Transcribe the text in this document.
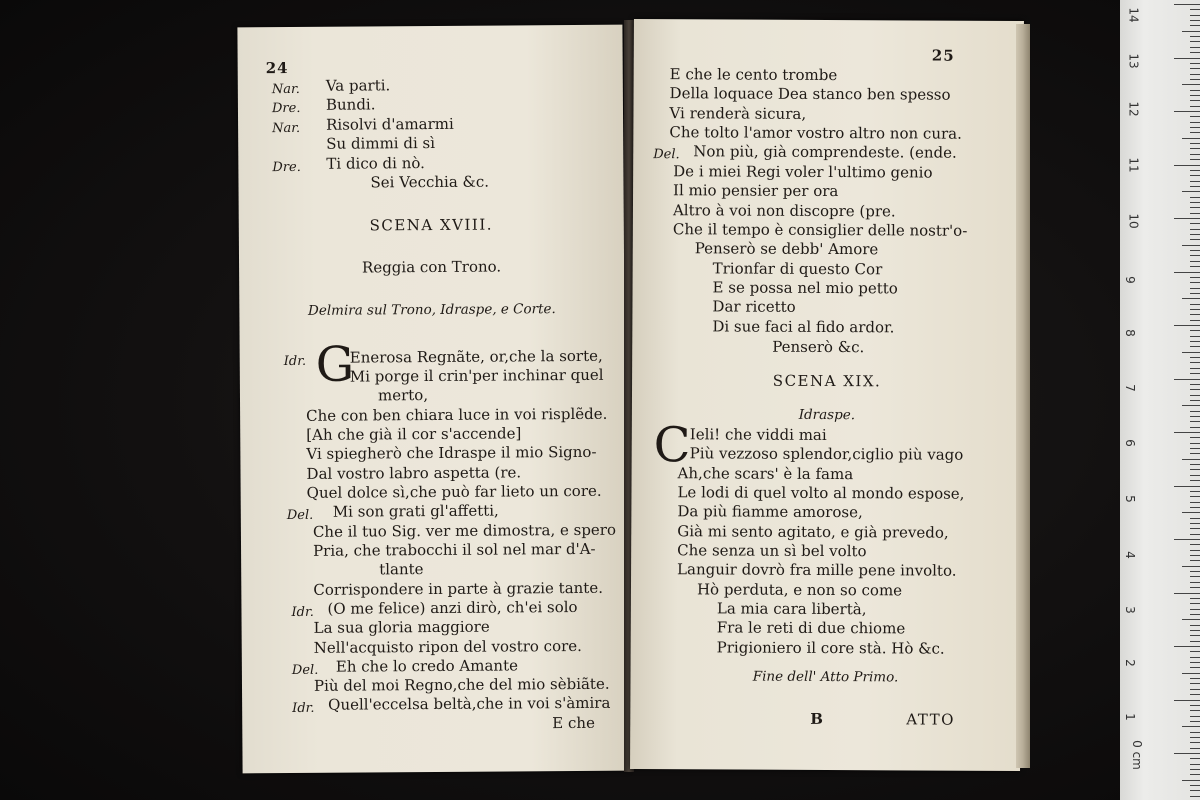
24
Nar. Va parti.
Dre. Bundi.
Nar. Risolvi d'amarmi
Su dimmi di sì
Dre. Ti dico di nò.
Sei Vecchia &c.
SCENA XVIII.
Reggia con Trono.
Delmira sul Trono, Idraspe, e Corte.
G
Idr.	Enerosa Regnãte, or,che la sorte,
Mi porge il crin'per inchinar quel
merto,
Che con ben chiara luce in voi risplẽde.
[Ah che già il cor s'accende]
Vi spiegherò che Idraspe il mio Signo-
Dal vostro labro aspetta (re.
Quel dolce sì,che può far lieto un core.
Del. Mi son grati gl'affetti,
Che il tuo Sig. ver me dimostra, e spero
Pria, che trabocchi il sol nel mar d'A-
tlante
Corrispondere in parte à grazie tante.
Idr. (O me felice) anzi dirò, ch'ei solo
La sua gloria maggiore
Nell'acquisto ripon del vostro core.
Del. Eh che lo credo Amante
Più del moi Regno,che del mio sèbiãte.
Idr. Quell'eccelsa beltà,che in voi s'àmira
E che
25
E che le cento trombe
Della loquace Dea stanco ben spesso
Vi renderà sicura,
Che tolto l'amor vostro altro non cura.
Del. Non più, già comprendeste. (ende.
De i miei Regi voler l'ultimo genio
Il mio pensier per ora
Altro à voi non discopre (pre.
Che il tempo è consiglier delle nostr'o-
Penserò se debb' Amore
Trionfar di questo Cor
E se possa nel mio petto
Dar ricetto
Di sue faci al fido ardor.
Penserò &c.
SCENA XIX.
Idraspe.
C Ieli! che viddi mai
Più vezzoso splendor,ciglio più vago
Ah,che scars' è la fama
Le lodi di quel volto al mondo espose,
Da più fiamme amorose,
Già mi sento agitato, e già prevedo,
Che senza un sì bel volto
Languir dovrò fra mille pene involto.
Hò perduta, e non so come
La mia cara libertà,
Fra le reti di due chiome
Prigioniero il core stà. Hò &c.
Fine dell' Atto Primo.
B	ATTO
14
13
12
11
10
9
8
7
6
5
4
3
2
1
0 cm
